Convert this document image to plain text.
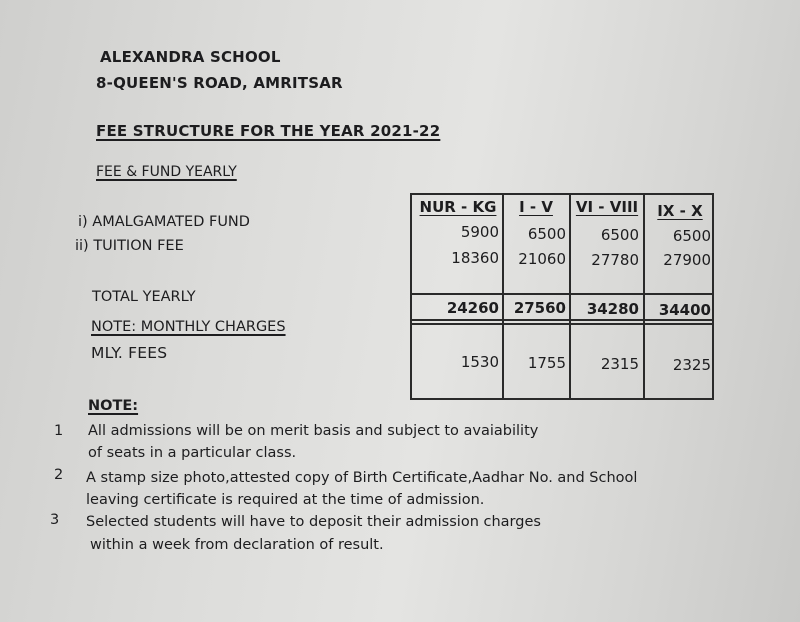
ALEXANDRA SCHOOL
8-QUEEN'S ROAD, AMRITSAR
FEE STRUCTURE FOR THE YEAR 2021-22
FEE & FUND YEARLY
i) AMALGAMATED FUND
ii) TUITION FEE
TOTAL YEARLY
NOTE: MONTHLY CHARGES
MLY. FEES
NUR - KG	I - V	VI - VIII	IX - X
5900	6500	6500	6500
18360	21060	27780	27900
24260 27560	34280	34400
1530	1755	2315	2325
NOTE:
1 All admissions will be on merit basis and subject to avaiability
of seats in a particular class.
2 A stamp size photo,attested copy of Birth Certificate,Aadhar No. and School
leaving certificate is required at the time of admission.
3 Selected students will have to deposit their admission charges
within a week from declaration of result.
